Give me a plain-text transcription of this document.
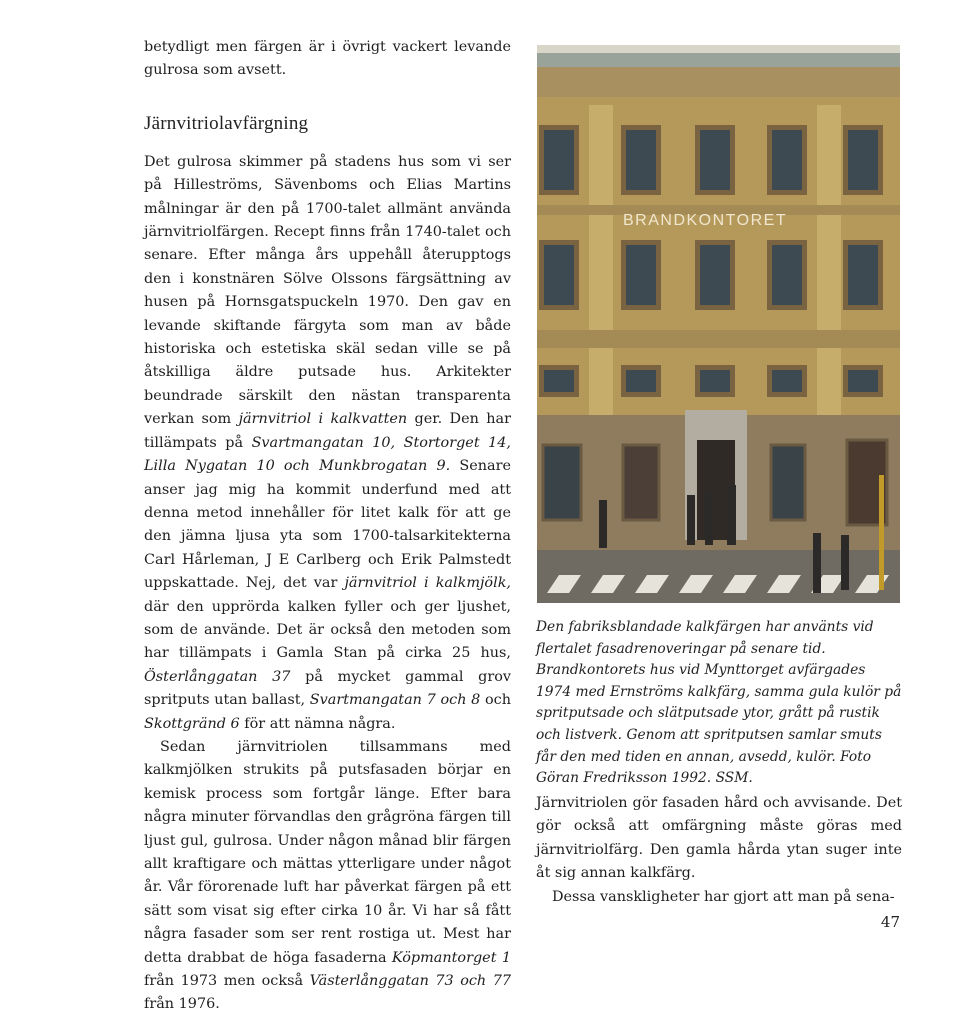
betydligt men färgen är i övrigt vackert levande gulrosa som avsett.

Järnvitriolavfärgning

Det gulrosa skimmer på stadens hus som vi ser på Hilleströms, Sävenboms och Elias Martins målningar är den på 1700-talet allmänt använda järnvitriolfärgen. Recept finns från 1740-talet och senare. Efter många års uppehåll återupptogs den i konstnären Sölve Olssons färgsättning av husen på Hornsgatspuckeln 1970. Den gav en levande skiftande färgyta som man av både historiska och estetiska skäl sedan ville se på åtskilliga äldre putsade hus. Arkitekter beundrade särskilt den nästan transparenta verkan som järnvitriol i kalkvatten ger. Den har tillämpats på Svartmangatan 10, Stortorget 14, Lilla Nygatan 10 och Munkbrogatan 9. Senare anser jag mig ha kommit underfund med att denna metod innehåller för litet kalk för att ge den jämna ljusa yta som 1700-talsarkitekterna Carl Hårleman, J E Carlberg och Erik Palmstedt uppskattade. Nej, det var järnvitriol i kalkmjölk, där den upprörda kalken fyller och ger ljushet, som de använde. Det är också den metoden som har tillämpats i Gamla Stan på cirka 25 hus, Österlånggatan 37 på mycket gammal grov spritputs utan ballast, Svartmangatan 7 och 8 och Skottgränd 6 för att nämna några.

Sedan järnvitriolen tillsammans med kalkmjölken strukits på putsfasaden börjar en kemisk process som fortgår länge. Efter bara några minuter förvandlas den grågröna färgen till ljust gul, gulrosa. Under någon månad blir färgen allt kraftigare och mättas ytterligare under något år. Vår förorenade luft har påverkat färgen på ett sätt som visat sig efter cirka 10 år. Vi har så fått några fasader som ser rent rostiga ut. Mest har detta drabbat de höga fasaderna Köpmantorget 1 från 1973 men också Västerlånggatan 73 och 77 från 1976.

BRANDKONTORET
Den fabriksblandade kalkfärgen har använts vid flertalet fasadrenoveringar på senare tid. Brandkontorets hus vid Mynttorget avfärgades 1974 med Ernströms kalkfärg, samma gula kulör på spritputsade och slätputsade ytor, grått på rustik och listverk. Genom att spritputsen samlar smuts får den med tiden en annan, avsedd, kulör. Foto Göran Fredriksson 1992. SSM.

Järnvitriolen gör fasaden hård och avvisande. Det gör också att omfärgning måste göras med järnvitriolfärg. Den gamla hårda ytan suger inte åt sig annan kalkfärg.

Dessa vanskligheter har gjort att man på sena-

47
